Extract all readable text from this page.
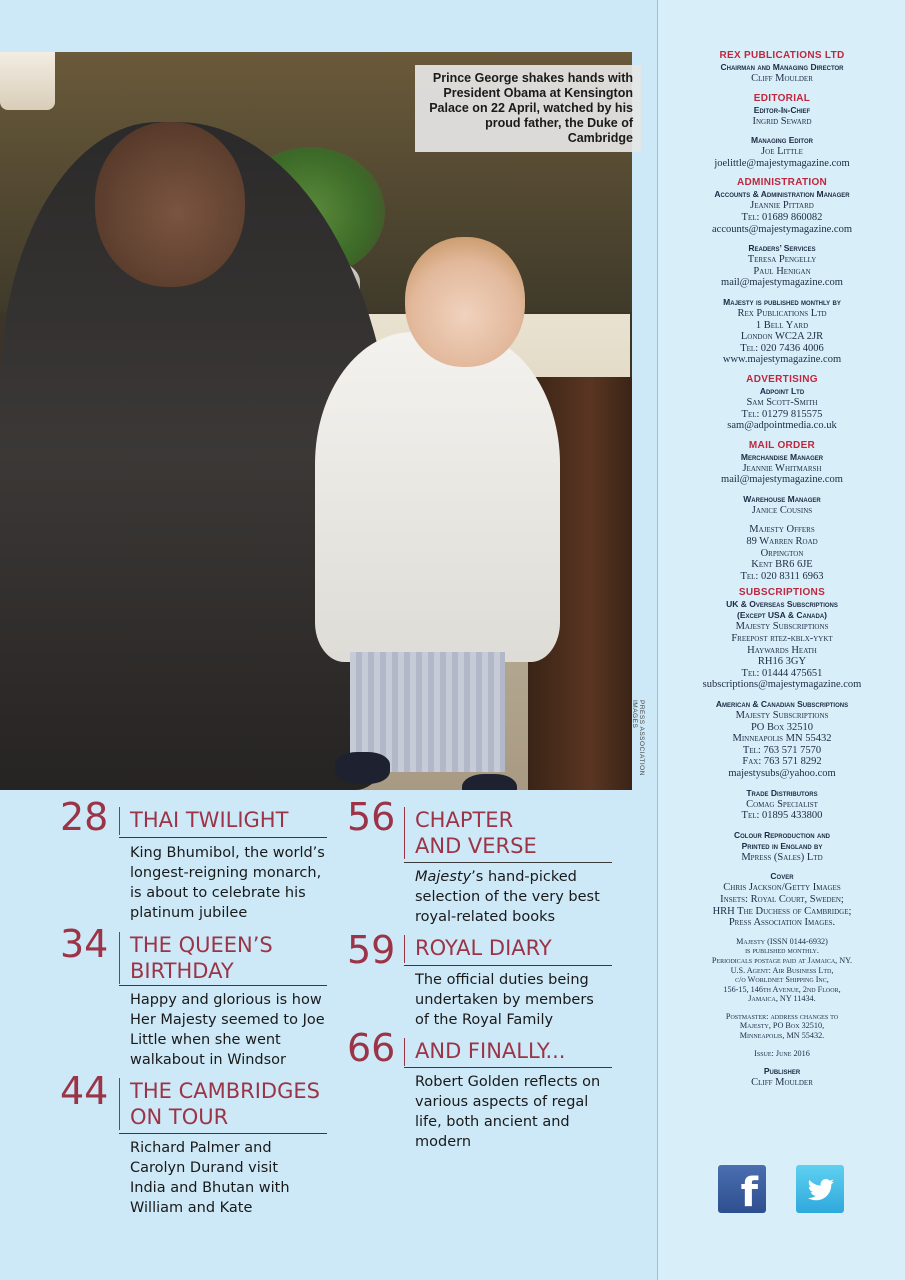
Prince George shakes hands with President Obama at Kensington Palace on 22 April, watched by his proud father, the Duke of Cambridge
PRESS ASSOCIATION IMAGES
28	THAI TWILIGHT
King Bhumibol, the world’s longest-reigning monarch, is about to celebrate his platinum jubilee
34	THE QUEEN’S BIRTHDAY
Happy and glorious is how Her Majesty seemed to Joe Little when she went walkabout in Windsor
44	THE CAMBRIDGES ON TOUR
Richard Palmer and Carolyn Durand visit India and Bhutan with William and Kate
56 CHAPTER AND VERSE
Majesty’s hand-picked selection of the very best royal-related books
59 ROYAL DIARY
The official duties being undertaken by members of the Royal Family
66 AND FINALLY...
Robert Golden reflects on various aspects of regal life, both ancient and modern
REX PUBLICATIONS LTD
Chairman and Managing Director
Cliff Moulder
EDITORIAL
Editor-In-Chief
Ingrid Seward
Managing Editor
Joe Little
joelittle@majestymagazine.com
ADMINISTRATION
Accounts & Administration Manager
Jeannie Pittard
Tel: 01689 860082
accounts@majestymagazine.com
Readers’ Services
Teresa Pengelly
Paul Henigan
mail@majestymagazine.com
Majesty is published monthly by
Rex Publications Ltd
1 Bell Yard
London WC2A 2JR
Tel: 020 7436 4006
www.majestymagazine.com
ADVERTISING
Adpoint Ltd
Sam Scott-Smith
Tel: 01279 815575
sam@adpointmedia.co.uk
MAIL ORDER
Merchandise Manager
Jeannie Whitmarsh
mail@majestymagazine.com
Warehouse Manager
Janice Cousins
Majesty Offers
89 Warren Road
Orpington
Kent BR6 6JE
Tel: 020 8311 6963
SUBSCRIPTIONS
UK & Overseas Subscriptions
(Except USA & Canada)
Majesty Subscriptions
Freepost rtez-kblx-yykt
Haywards Heath
RH16 3GY
Tel: 01444 475651
subscriptions@majestymagazine.com
American & Canadian Subscriptions
Majesty Subscriptions
PO Box 32510
Minneapolis MN 55432
Tel: 763 571 7570
Fax: 763 571 8292
majestysubs@yahoo.com
Trade Distributors
Comag Specialist
Tel: 01895 433800
Colour Reproduction and
Printed in England by
Mpress (Sales) Ltd
Cover
Chris Jackson/Getty Images
Insets: Royal Court, Sweden;
HRH The Duchess of Cambridge;
Press Association Images.
Majesty (ISSN 0144-6932)
is published monthly.
Periodicals postage paid at Jamaica, NY.
U.S. Agent: Air Business Ltd,
c/o Worldnet Shipping Inc,
156-15, 146th Avenue, 2nd Floor,
Jamaica, NY 11434.
Postmaster: address changes to
Majesty, PO Box 32510,
Minneapolis, MN 55432.
Issue: June 2016
Publisher
Cliff Moulder
f
